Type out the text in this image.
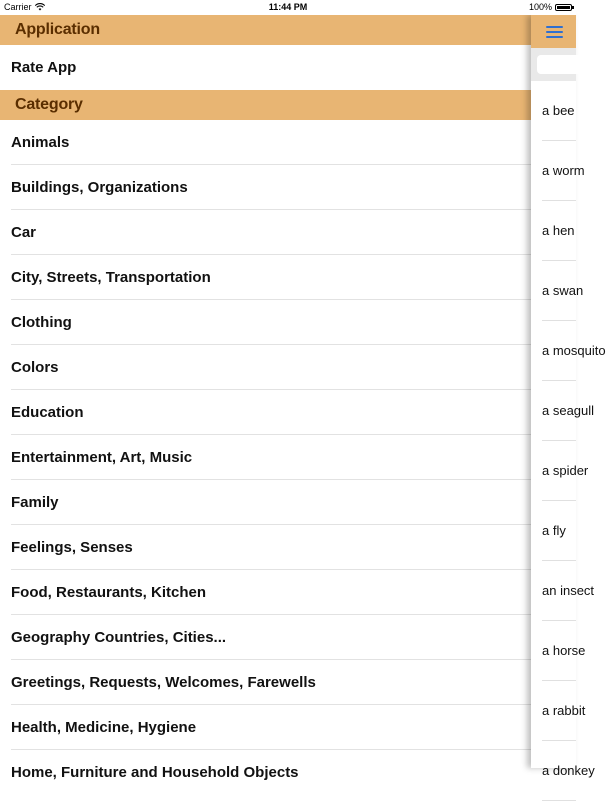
Carrier	11:44 PM	100%
Application
Rate App
Category
Animals
Buildings, Organizations
Car
City, Streets, Transportation
Clothing
Colors
Education
Entertainment, Art, Music
Family
Feelings, Senses
Food, Restaurants, Kitchen
Geography Countries, Cities...
Greetings, Requests, Welcomes, Farewells
Health, Medicine, Hygiene
Home, Furniture and Household Objects
a bee
a worm
a hen
a swan
a mosquito
a seagull
a spider
a fly
an insect
a horse
a rabbit
a donkey
